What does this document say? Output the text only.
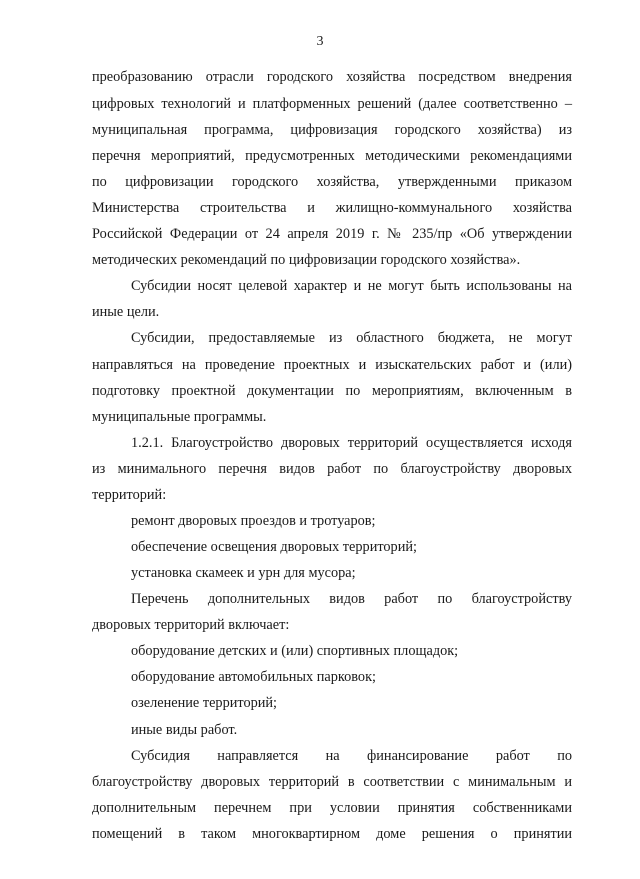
3
преобразованию отрасли городского хозяйства посредством внедрения
цифровых технологий и платформенных решений (далее соответственно –
муниципальная программа, цифровизация городского хозяйства) из
перечня мероприятий, предусмотренных методическими рекомендациями
по цифровизации городского хозяйства, утвержденными приказом
Министерства строительства и жилищно-коммунального хозяйства
Российской Федерации от 24 апреля 2019 г. № 235/пр «Об утверждении
методических рекомендаций по цифровизации городского хозяйства».
Субсидии носят целевой характер и не могут быть использованы на
иные цели.
Субсидии, предоставляемые из областного бюджета, не могут
направляться на проведение проектных и изыскательских работ и (или)
подготовку проектной документации по мероприятиям, включенным в
муниципальные программы.
1.2.1. Благоустройство дворовых территорий осуществляется исходя
из минимального перечня видов работ по благоустройству дворовых
территорий:
ремонт дворовых проездов и тротуаров;
обеспечение освещения дворовых территорий;
установка скамеек и урн для мусора;
Перечень дополнительных видов работ по благоустройству
дворовых территорий включает:
оборудование детских и (или) спортивных площадок;
оборудование автомобильных парковок;
озеленение территорий;
иные виды работ.
Субсидия направляется на финансирование работ по
благоустройству дворовых территорий в соответствии с минимальным и
дополнительным перечнем при условии принятия собственниками
помещений в таком многоквартирном доме решения о принятии
